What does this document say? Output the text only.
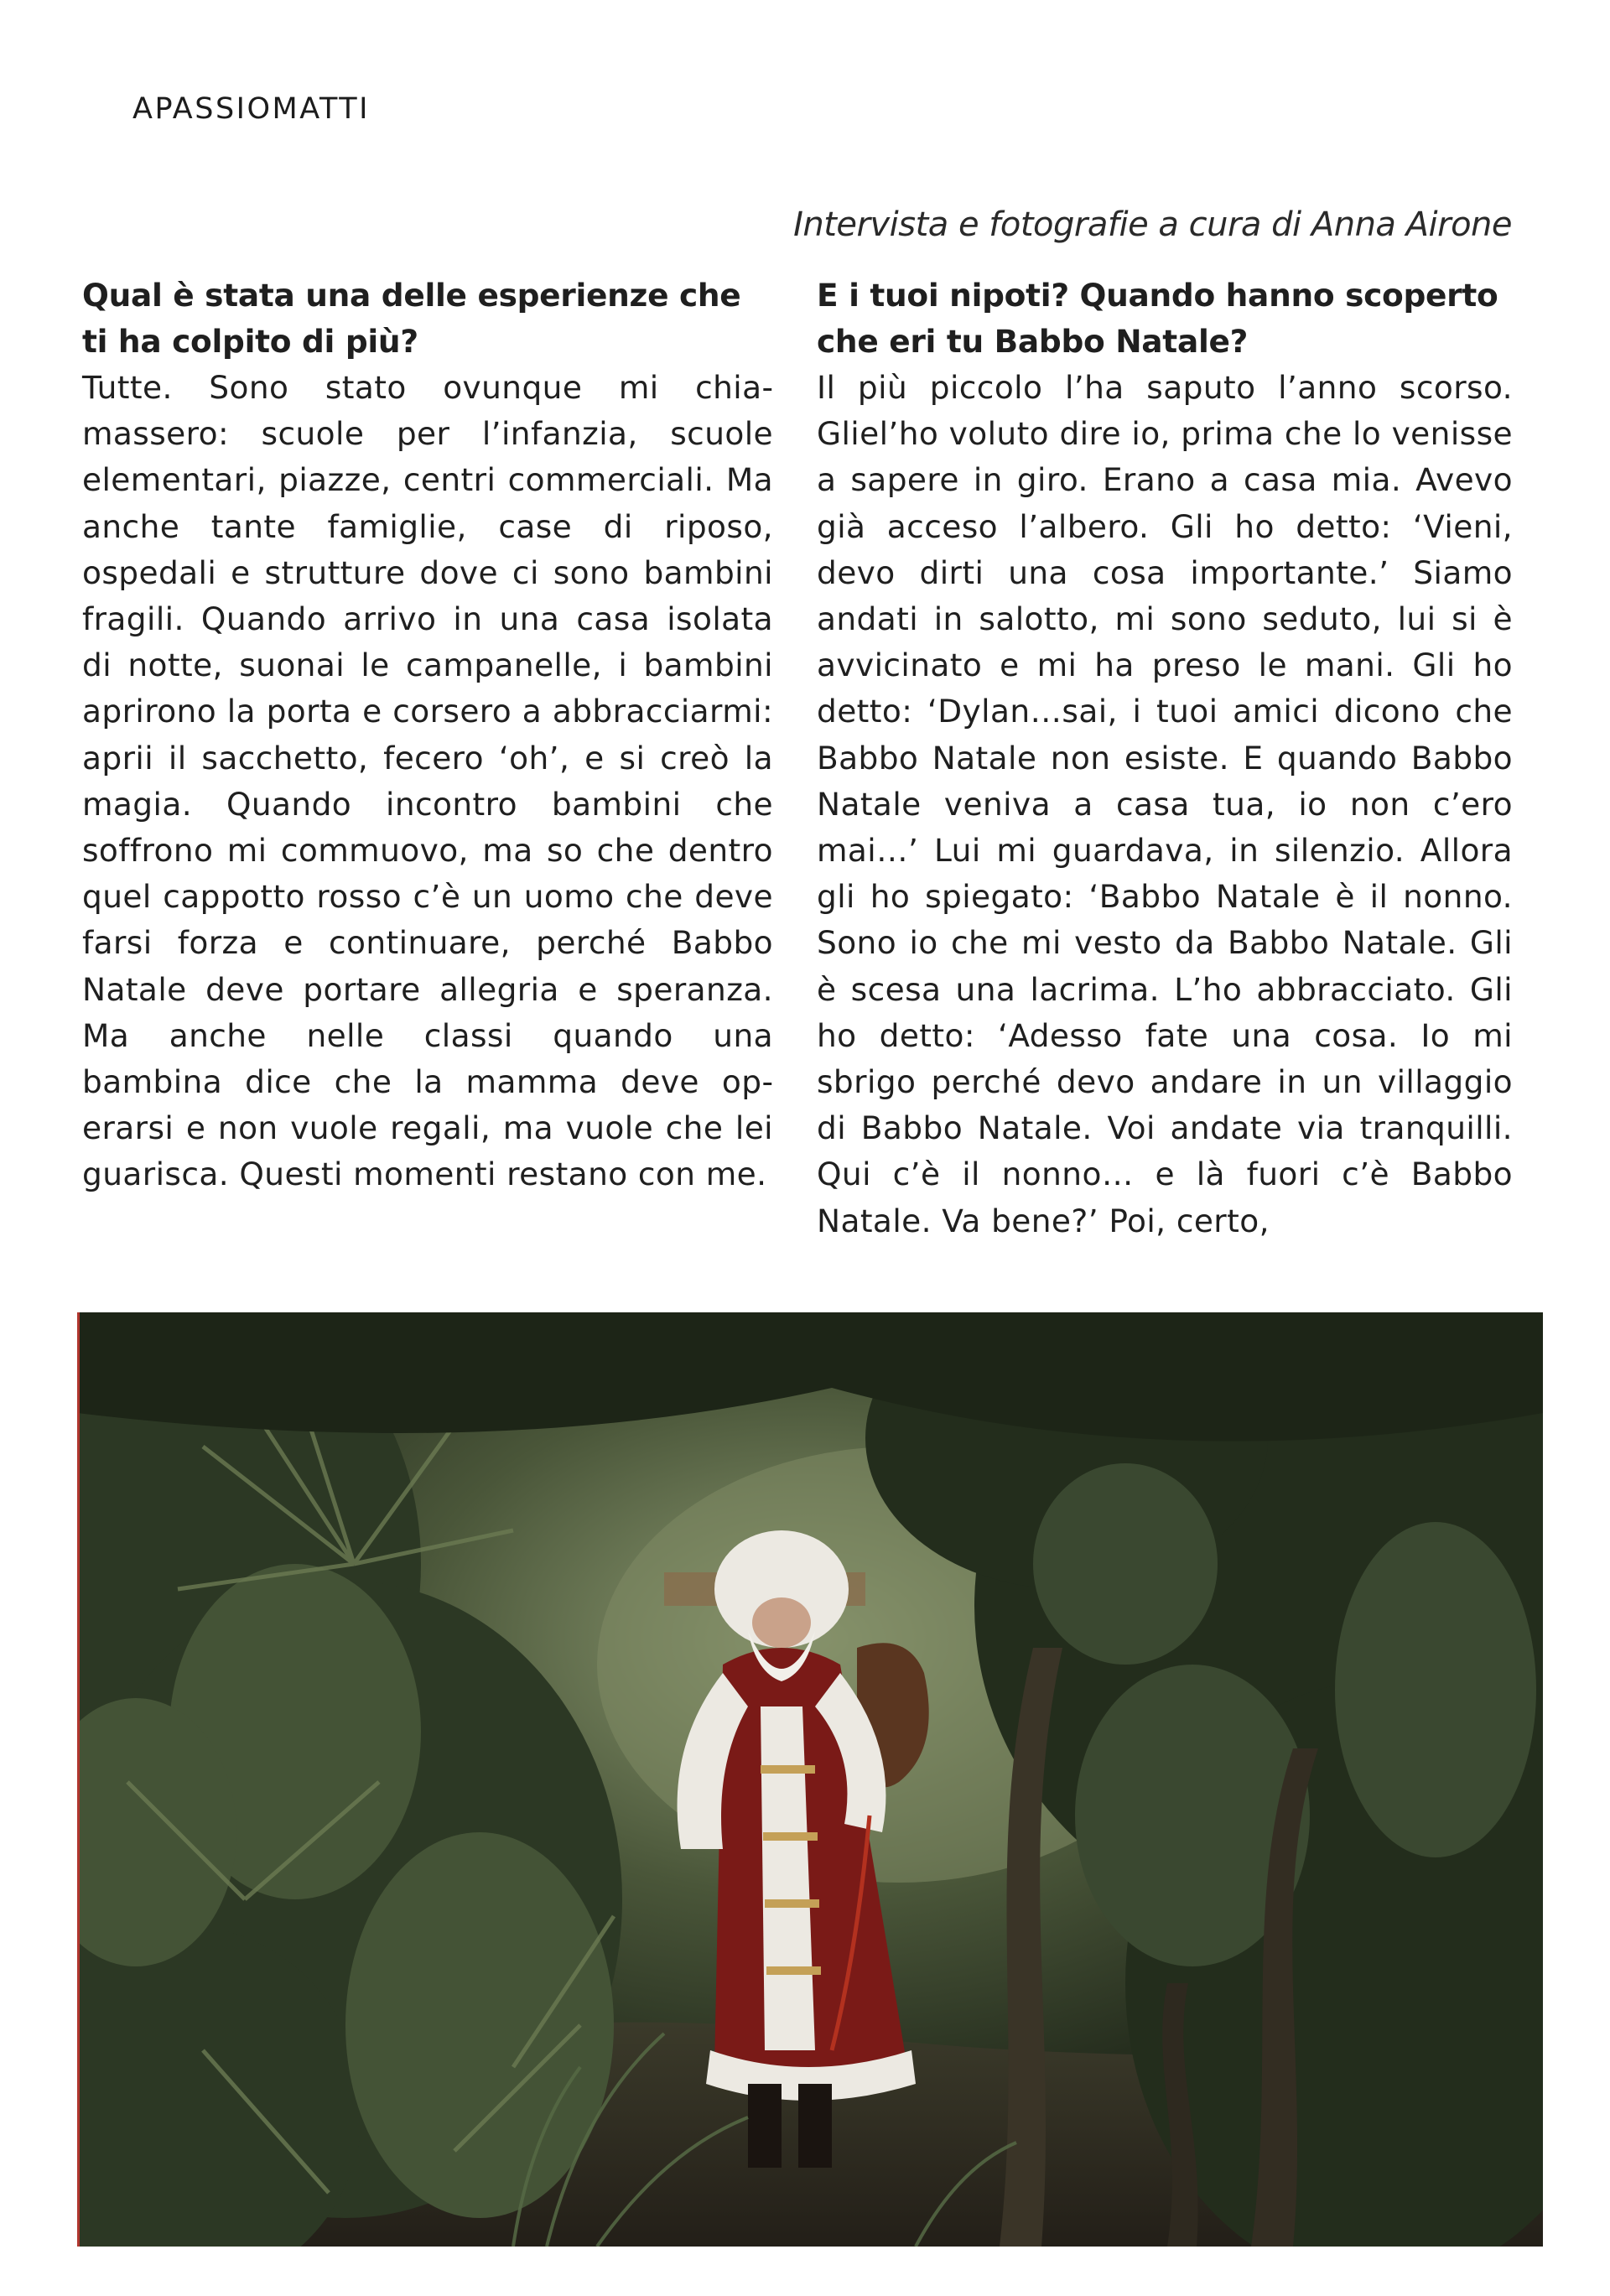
APASSIOMATTI
Intervista e fotografie a cura di Anna Airone

Qual è stata una delle esperienze che ti ha colpito di più?

Tutte. Sono stato ovunque mi chiamassero: scuole per l’infanzia, scuole elementari, piazze, centri commerciali. Ma anche tante famiglie, case di riposo, ospedali e strutture dove ci sono bambini fragili. Quando arrivo in una casa isolata di notte, suonai le campanelle, i bambini aprirono la porta e corsero a abbracciarmi: aprii il sacchetto, fecero ‘oh’, e si creò la magia. Quando incontro bambini che soffrono mi commuovo, ma so che dentro quel cappotto rosso c’è un uomo che deve farsi forza e continuare, perché Babbo Natale deve portare allegria e speranza. Ma anche nelle classi quando una bambina dice che la mamma deve operarsi e non vuole regali, ma vuole che lei guarisca. Questi momenti restano con me.

E i tuoi nipoti? Quando hanno scoperto che eri tu Babbo Natale?

Il più piccolo l’ha saputo l’anno scorso. Gliel’ho voluto dire io, prima che lo venisse a sapere in giro. Erano a casa mia. Avevo già acceso l’albero. Gli ho detto: ‘Vieni, devo dirti una cosa importante.’ Siamo andati in salotto, mi sono seduto, lui si è avvicinato e mi ha preso le mani. Gli ho detto: ‘Dylan…sai, i tuoi amici dicono che Babbo Natale non esiste. E quando Babbo Natale veniva a casa tua, io non c’ero mai…’ Lui mi guardava, in silenzio. Allora gli ho spiegato: ‘Babbo Natale è il nonno. Sono io che mi vesto da Babbo Natale. Gli è scesa una lacrima. L’ho abbracciato. Gli ho detto: ‘Adesso fate una cosa. Io mi sbrigo perché devo andare in un villaggio di Babbo Natale. Voi andate via tranquilli. Qui c’è il nonno… e là fuori c’è Babbo Natale. Va bene?’ Poi, certo,
